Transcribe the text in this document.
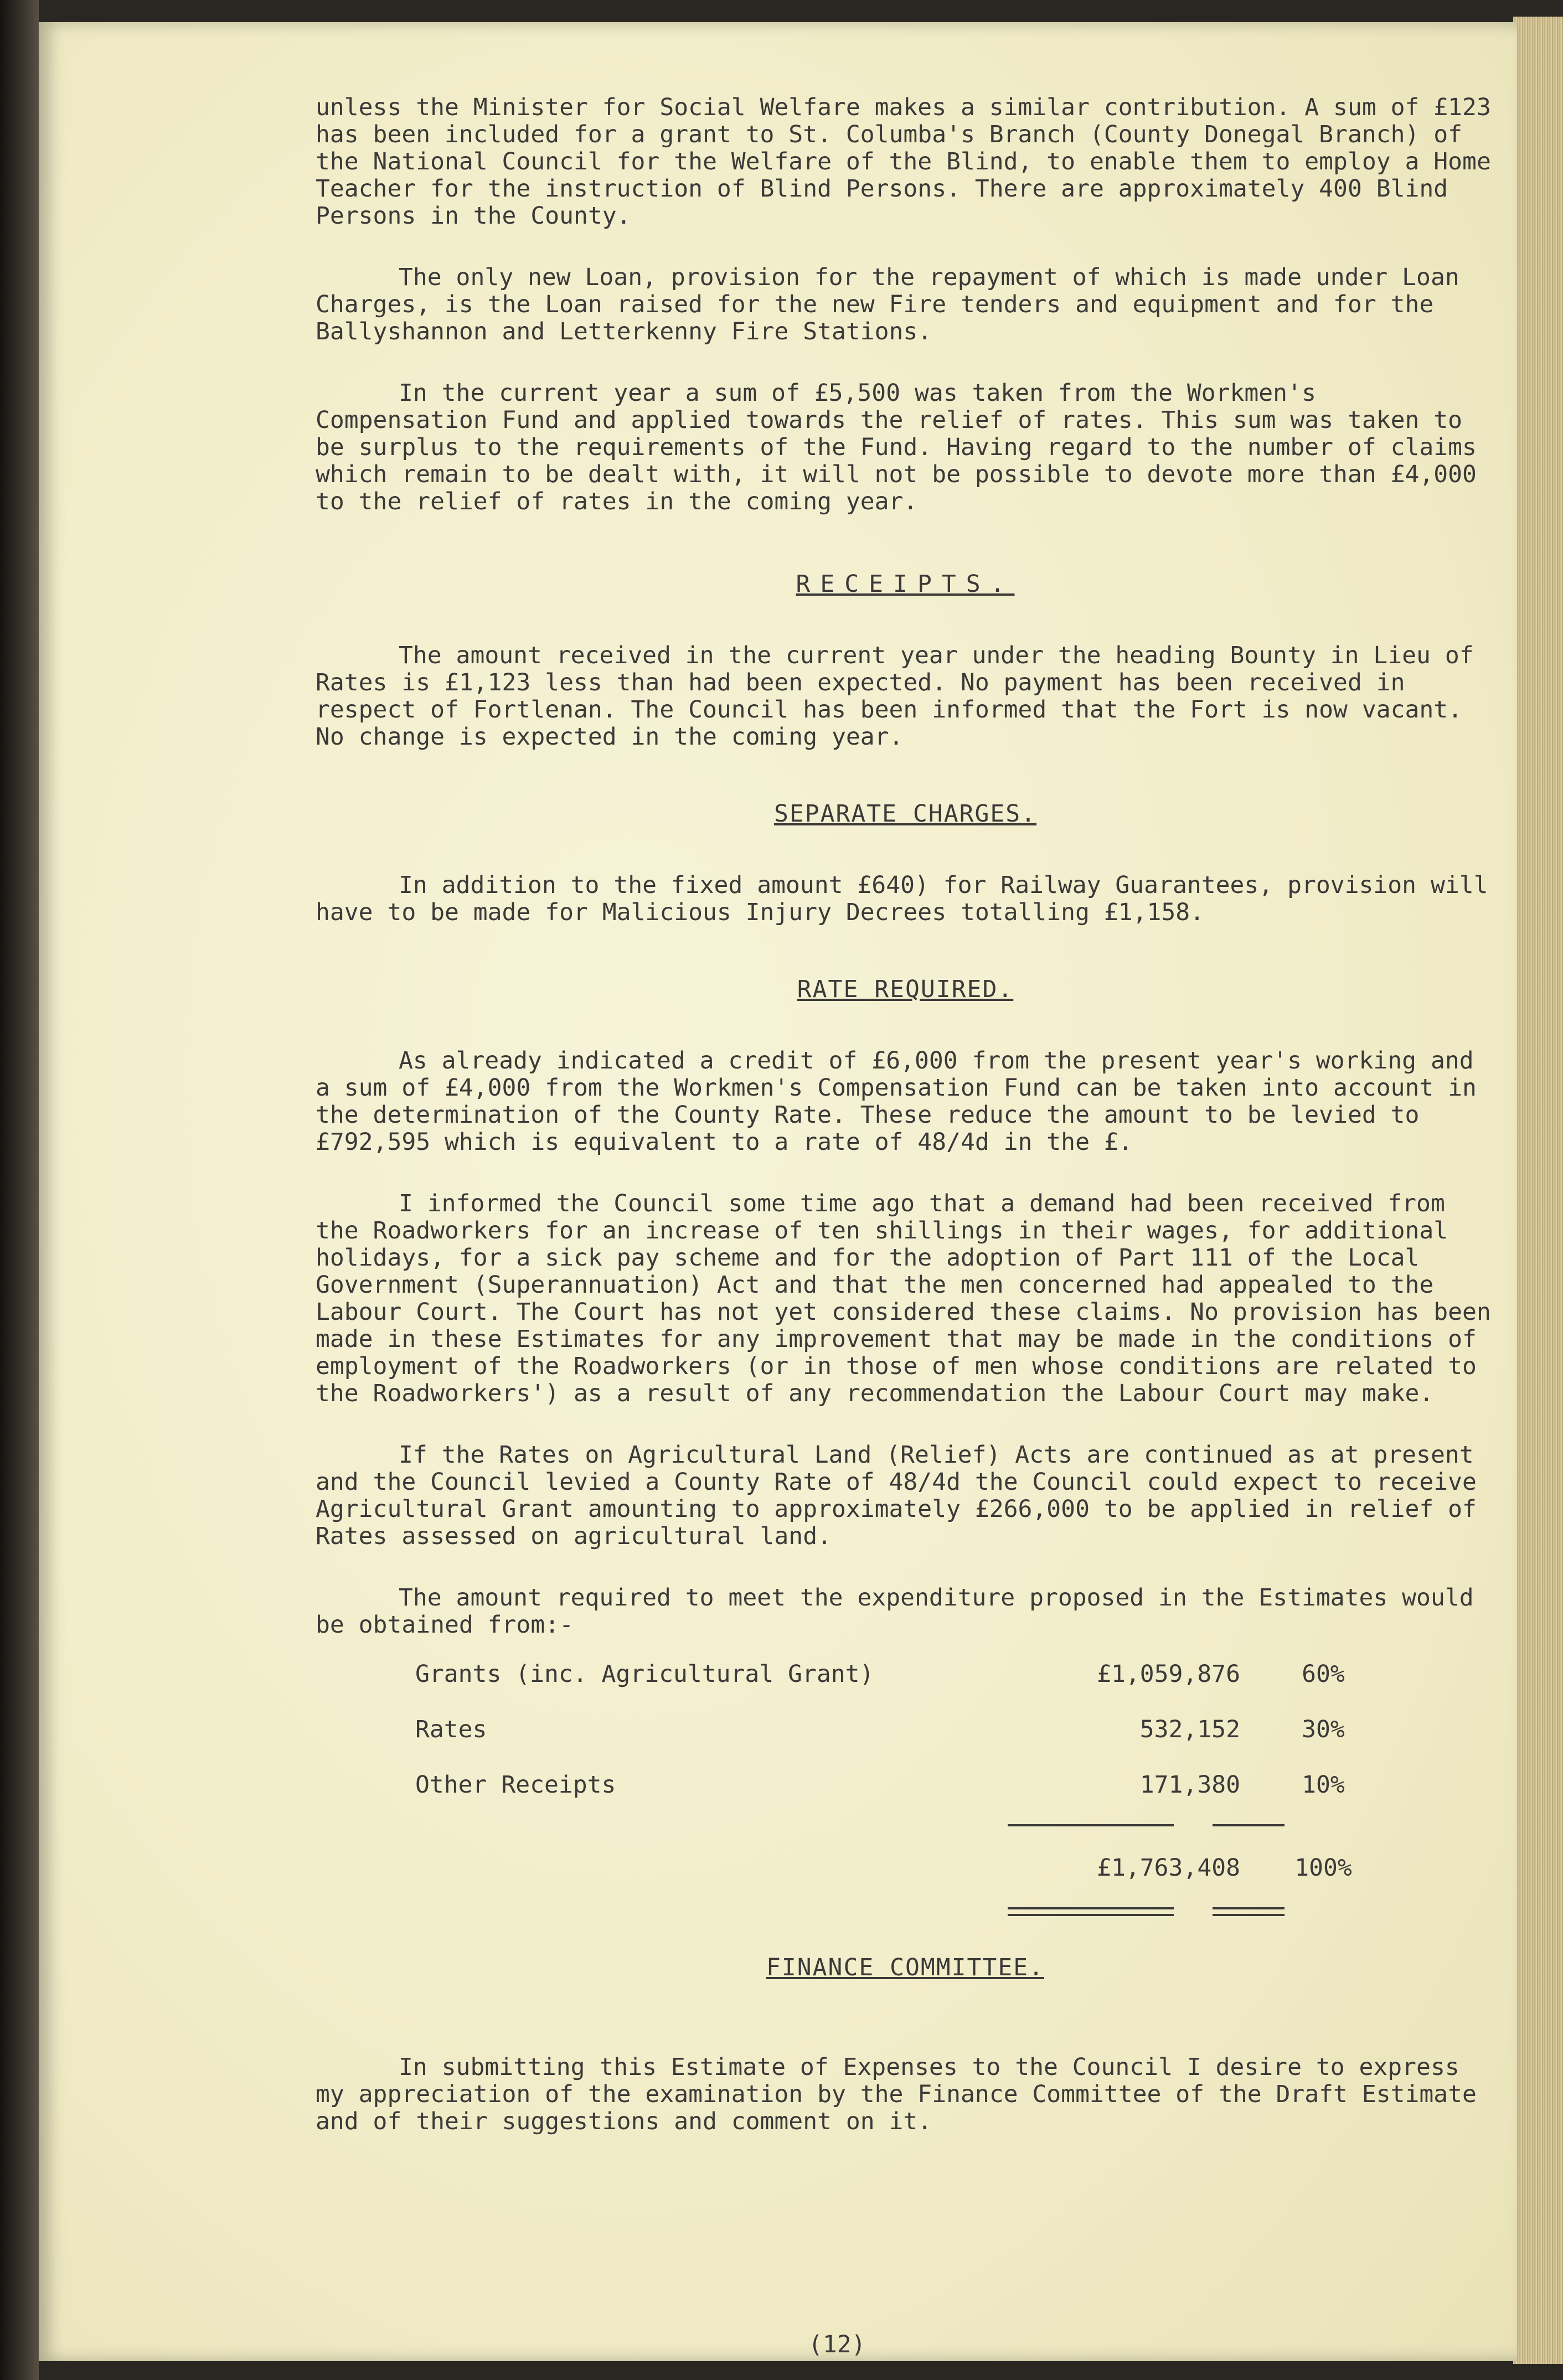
unless the Minister for Social Welfare makes a similar contribution. A sum of £123 has been included for a grant to St. Columba's Branch (County Donegal Branch) of the National Council for the Welfare of the Blind, to enable them to employ a Home Teacher for the instruction of Blind Persons. There are approximately 400 Blind Persons in the County.

The only new Loan, provision for the repayment of which is made under Loan Charges, is the Loan raised for the new Fire tenders and equipment and for the Ballyshannon and Letterkenny Fire Stations.

In the current year a sum of £5,500 was taken from the Workmen's Compensation Fund and applied towards the relief of rates. This sum was taken to be surplus to the requirements of the Fund. Having regard to the number of claims which remain to be dealt with, it will not be possible to devote more than £4,000 to the relief of rates in the coming year.

RECEIPTS.

The amount received in the current year under the heading Bounty in Lieu of Rates is £1,123 less than had been expected. No payment has been received in respect of Fortlenan. The Council has been informed that the Fort is now vacant. No change is expected in the coming year.

SEPARATE CHARGES.

In addition to the fixed amount £640) for Railway Guarantees, provision will have to be made for Malicious Injury Decrees totalling £1,158.

RATE REQUIRED.

As already indicated a credit of £6,000 from the present year's working and a sum of £4,000 from the Workmen's Compensation Fund can be taken into account in the determination of the County Rate. These reduce the amount to be levied to £792,595 which is equivalent to a rate of 48/4d in the £.

I informed the Council some time ago that a demand had been received from the Roadworkers for an increase of ten shillings in their wages, for additional holidays, for a sick pay scheme and for the adoption of Part 111 of the Local Government (Superannuation) Act and that the men concerned had appealed to the Labour Court. The Court has not yet considered these claims. No provision has been made in these Estimates for any improvement that may be made in the conditions of employment of the Roadworkers (or in those of men whose conditions are related to the Roadworkers') as a result of any recommendation the Labour Court may make.

If the Rates on Agricultural Land (Relief) Acts are continued as at present and the Council levied a County Rate of 48/4d the Council could expect to receive Agricultural Grant amounting to approximately £266,000 to be applied in relief of Rates assessed on agricultural land.

The amount required to meet the expenditure proposed in the Estimates would be obtained from:-

Grants (inc. Agricultural Grant)	£1,059,876	60%
Rates	532,152	30%
Other Receipts	171,380	10%
£1,763,408 100%
FINANCE COMMITTEE.

In submitting this Estimate of Expenses to the Council I desire to express my appreciation of the examination by the Finance Committee of the Draft Estimate and of their suggestions and comment on it.

(12)
